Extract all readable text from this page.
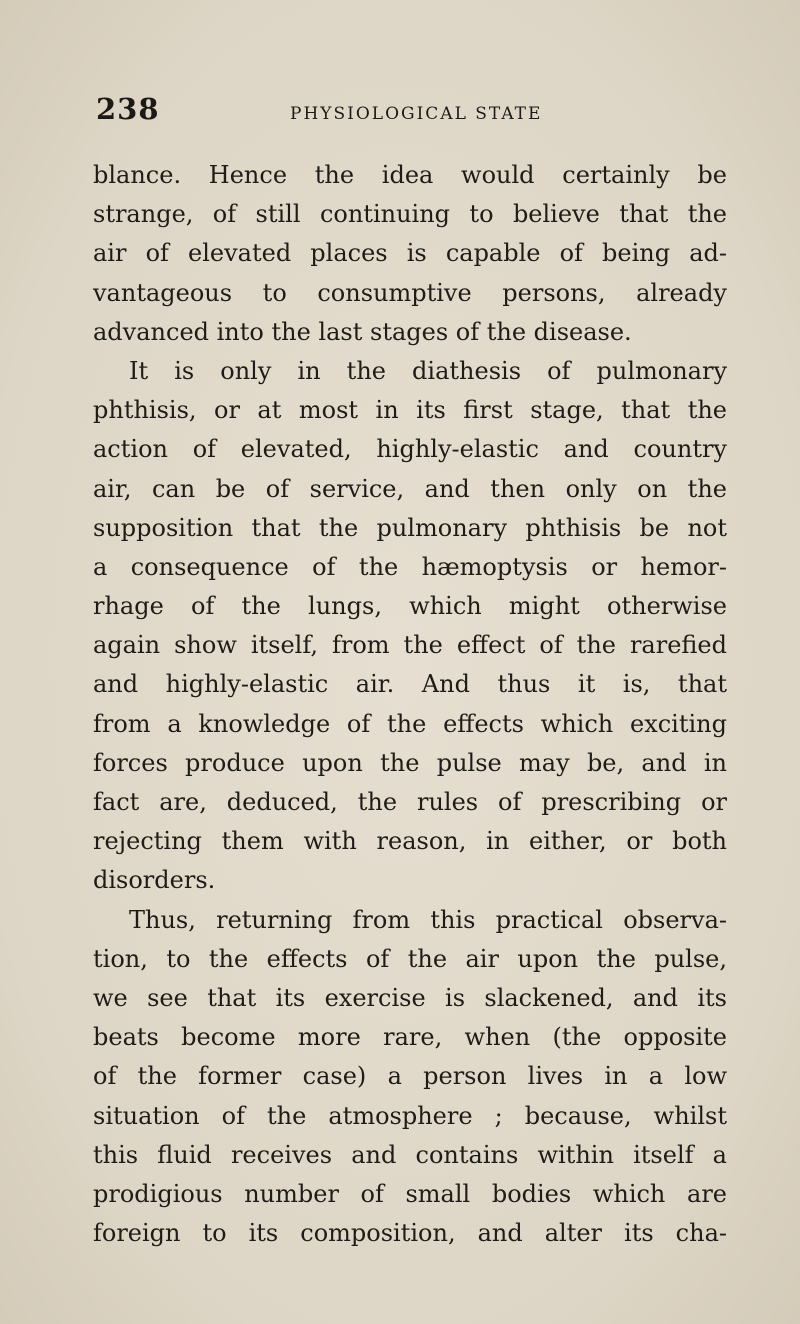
238	PHYSIOLOGICAL STATE
blance. Hence the idea would certainly be
strange, of still continuing to believe that the
air of elevated places is capable of being ad-
vantageous to consumptive persons, already
advanced into the last stages of the disease.
It is only in the diathesis of pulmonary
phthisis, or at most in its first stage, that the
action of elevated, highly-elastic and country
air, can be of service, and then only on the
supposition that the pulmonary phthisis be not
a consequence of the hæmoptysis or hemor-
rhage of the lungs, which might otherwise
again show itself, from the effect of the rarefied
and highly-elastic air. And thus it is, that
from a knowledge of the effects which exciting
forces produce upon the pulse may be, and in
fact are, deduced, the rules of prescribing or
rejecting them with reason, in either, or both
disorders.
Thus, returning from this practical observa-
tion, to the effects of the air upon the pulse,
we see that its exercise is slackened, and its
beats become more rare, when (the opposite
of the former case) a person lives in a low
situation of the atmosphere ; because, whilst
this fluid receives and contains within itself a
prodigious number of small bodies which are
foreign to its composition, and alter its cha-
